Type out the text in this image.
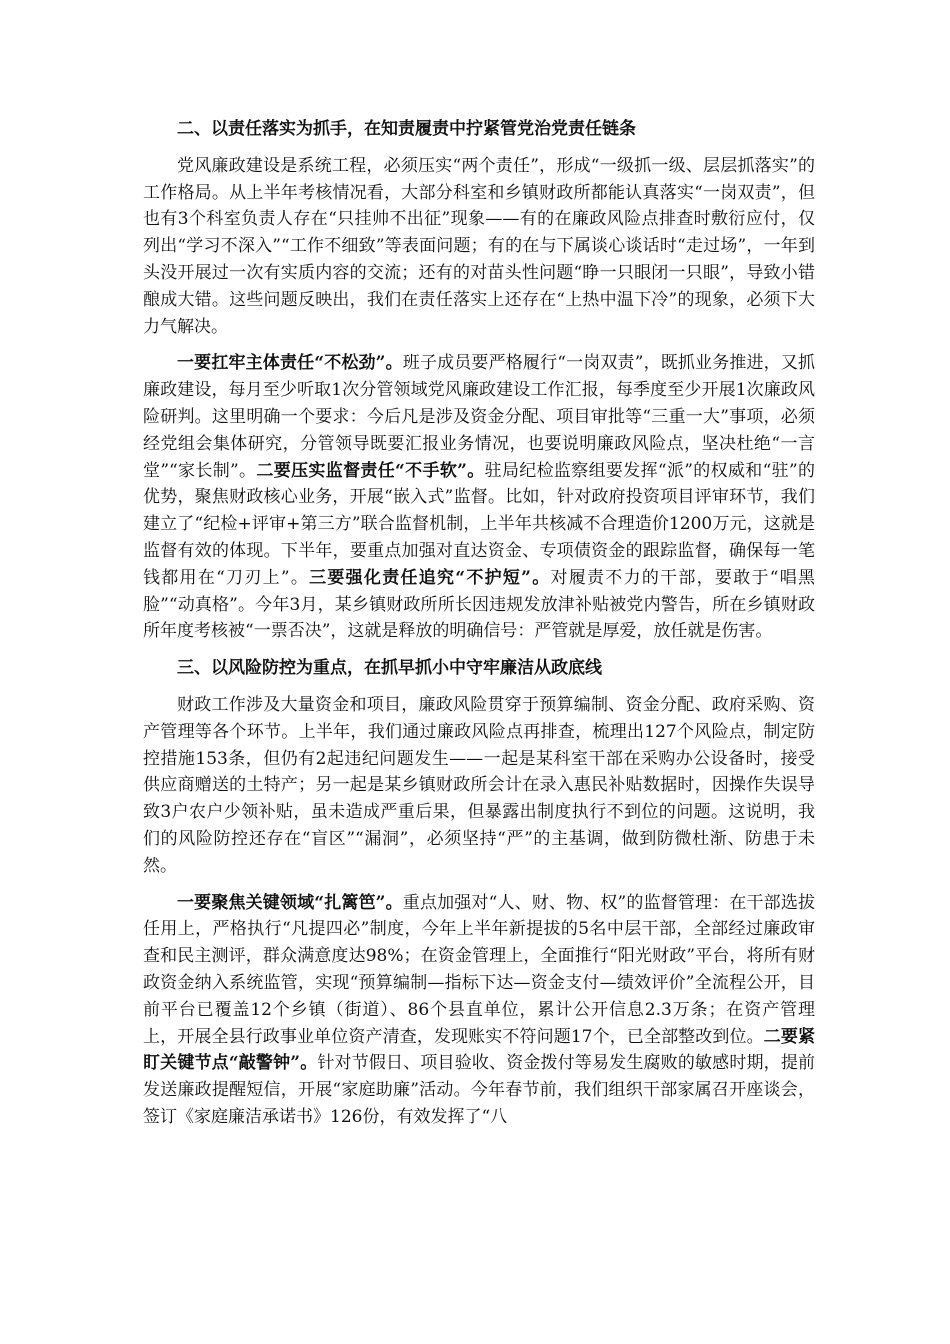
二、以责任落实为抓手，在知责履责中拧紧管党治党责任链条

党风廉政建设是系统工程，必须压实“两个责任”，形成“一级抓一级、层层抓落实”的工作格局。从上半年考核情况看，大部分科室和乡镇财政所都能认真落实“一岗双责”，但也有3个科室负责人存在“只挂帅不出征”现象——有的在廉政风险点排查时敷衍应付，仅列出“学习不深入”“工作不细致”等表面问题；有的在与下属谈心谈话时“走过场”，一年到头没开展过一次有实质内容的交流；还有的对苗头性问题“睁一只眼闭一只眼”，导致小错酿成大错。这些问题反映出，我们在责任落实上还存在“上热中温下冷”的现象，必须下大力气解决。

一要扛牢主体责任“不松劲”。班子成员要严格履行“一岗双责”，既抓业务推进，又抓廉政建设，每月至少听取1次分管领域党风廉政建设工作汇报，每季度至少开展1次廉政风险研判。这里明确一个要求：今后凡是涉及资金分配、项目审批等“三重一大”事项，必须经党组会集体研究，分管领导既要汇报业务情况，也要说明廉政风险点，坚决杜绝“一言堂”“家长制”。二要压实监督责任“不手软”。驻局纪检监察组要发挥“派”的权威和“驻”的优势，聚焦财政核心业务，开展“嵌入式”监督。比如，针对政府投资项目评审环节，我们建立了“纪检+评审+第三方”联合监督机制，上半年共核减不合理造价1200万元，这就是监督有效的体现。下半年，要重点加强对直达资金、专项债资金的跟踪监督，确保每一笔钱都用在“刀刃上”。三要强化责任追究“不护短”。对履责不力的干部，要敢于“唱黑脸”“动真格”。今年3月，某乡镇财政所所长因违规发放津补贴被党内警告，所在乡镇财政所年度考核被“一票否决”，这就是释放的明确信号：严管就是厚爱，放任就是伤害。

三、以风险防控为重点，在抓早抓小中守牢廉洁从政底线

财政工作涉及大量资金和项目，廉政风险贯穿于预算编制、资金分配、政府采购、资产管理等各个环节。上半年，我们通过廉政风险点再排查，梳理出127个风险点，制定防控措施153条，但仍有2起违纪问题发生——一起是某科室干部在采购办公设备时，接受供应商赠送的土特产；另一起是某乡镇财政所会计在录入惠民补贴数据时，因操作失误导致3户农户少领补贴，虽未造成严重后果，但暴露出制度执行不到位的问题。这说明，我们的风险防控还存在“盲区”“漏洞”，必须坚持“严”的主基调，做到防微杜渐、防患于未然。

一要聚焦关键领域“扎篱笆”。重点加强对“人、财、物、权”的监督管理：在干部选拔任用上，严格执行“凡提四必”制度，今年上半年新提拔的5名中层干部，全部经过廉政审查和民主测评，群众满意度达98%；在资金管理上，全面推行“阳光财政”平台，将所有财政资金纳入系统监管，实现“预算编制—指标下达—资金支付—绩效评价”全流程公开，目前平台已覆盖12个乡镇（街道）、86个县直单位，累计公开信息2.3万条；在资产管理上，开展全县行政事业单位资产清查，发现账实不符问题17个，已全部整改到位。二要紧盯关键节点“敲警钟”。针对节假日、项目验收、资金拨付等易发生腐败的敏感时期，提前发送廉政提醒短信，开展“家庭助廉”活动。今年春节前，我们组织干部家属召开座谈会，签订《家庭廉洁承诺书》126份，有效发挥了“八
